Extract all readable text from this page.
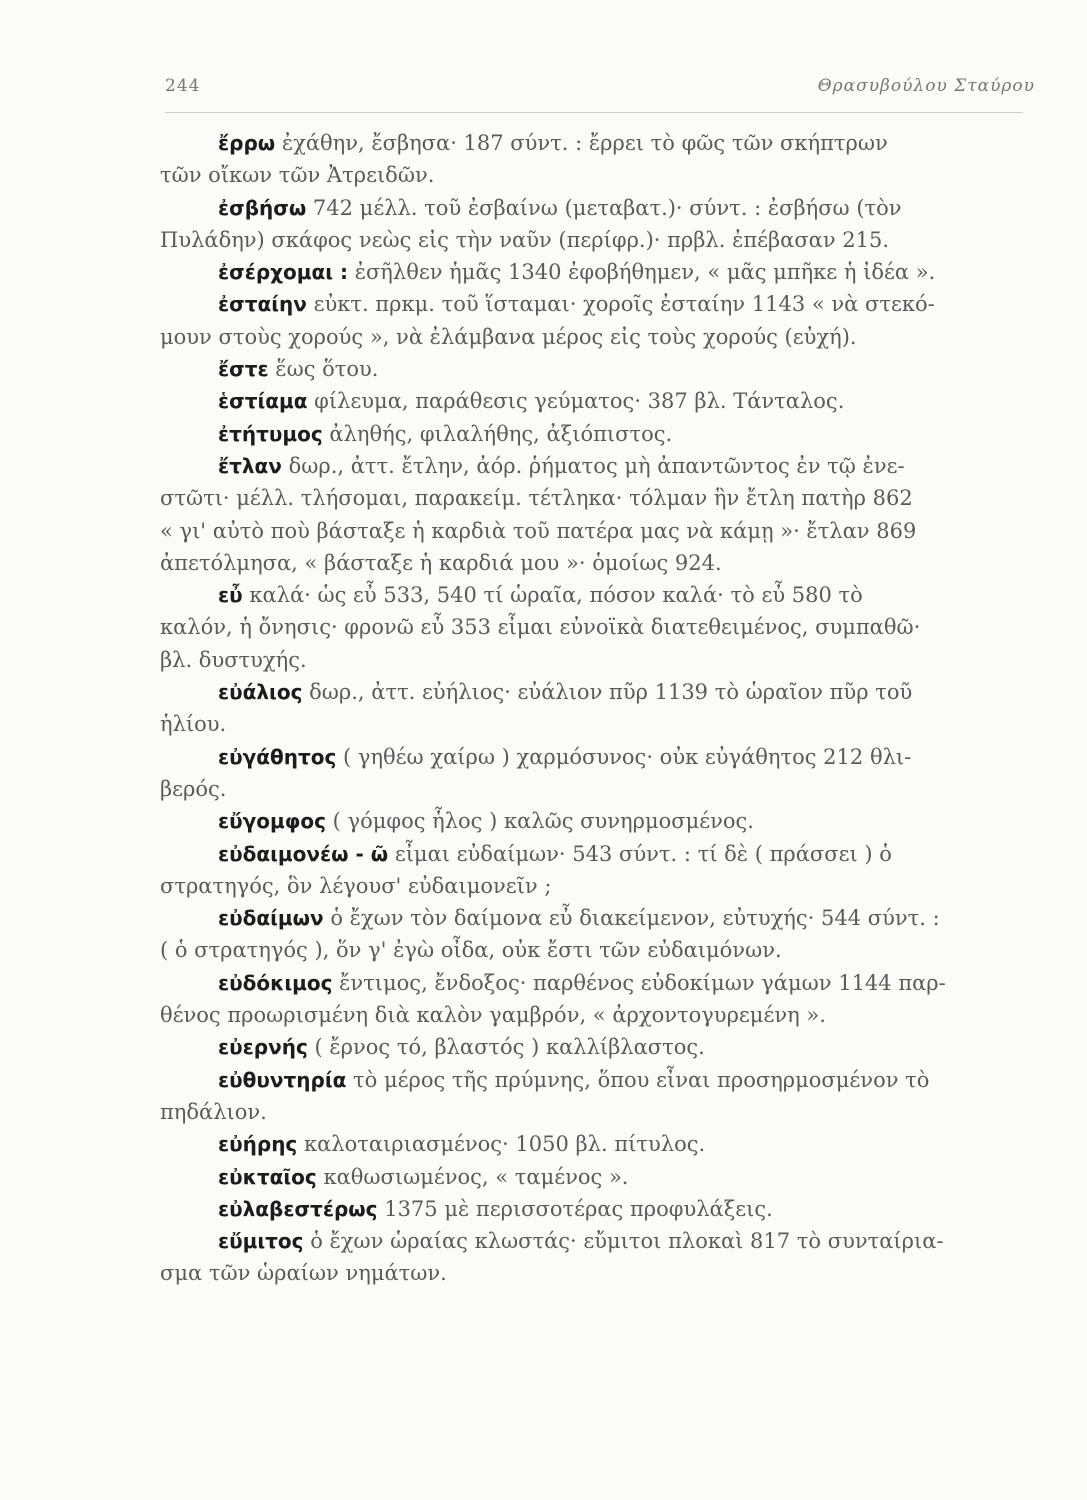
244	Θρασυβούλου Σταύρου
ἔρρω ἐχάθην, ἔσβησα· 187 σύντ. : ἔρρει τὸ φῶς τῶν σκήπτρων
τῶν οἴκων τῶν Ἀτρειδῶν.
ἐσβήσω 742 μέλλ. τοῦ ἐσβαίνω (μεταβατ.)· σύντ. : ἐσβήσω (τὸν
Πυλάδην) σκάφος νεὼς εἰς τὴν ναῦν (περίφρ.)· πρβλ. ἐπέβασαν 215.
ἐσέρχομαι : ἐσῆλθεν ἡμᾶς 1340 ἐφοβήθημεν, « μᾶς μπῆκε ἡ ἰδέα ».
ἐσταίην εὐκτ. πρκμ. τοῦ ἵσταμαι· χοροῖς ἐσταίην 1143 « νὰ στεκό-
μουν στοὺς χορούς », νὰ ἐλάμβανα μέρος εἰς τοὺς χορούς (εὐχή).
ἔστε ἕως ὅτου.
ἑστίαμα φίλευμα, παράθεσις γεύματος· 387 βλ. Τάνταλος.
ἐτήτυμος ἀληθής, φιλαλήθης, ἀξιόπιστος.
ἔτλαν δωρ., ἀττ. ἔτλην, ἀόρ. ῥήματος μὴ ἀπαντῶντος ἐν τῷ ἐνε-
στῶτι· μέλλ. τλήσομαι, παρακείμ. τέτληκα· τόλμαν ἣν ἔτλη πατὴρ 862
« γι' αὐτὸ ποὺ βάσταξε ἡ καρδιὰ τοῦ πατέρα μας νὰ κάμῃ »· ἔτλαν 869
ἀπετόλμησα, « βάσταξε ἡ καρδιά μου »· ὁμοίως 924.
εὖ καλά· ὡς εὖ 533, 540 τί ὡραῖα, πόσον καλά· τὸ εὖ 580 τὸ
καλόν, ἡ ὄνησις· φρονῶ εὖ 353 εἶμαι εὐνοϊκὰ διατεθειμένος, συμπαθῶ·
βλ. δυστυχής.
εὐάλιος δωρ., ἀττ. εὐήλιος· εὐάλιον πῦρ 1139 τὸ ὡραῖον πῦρ τοῦ
ἡλίου.
εὐγάθητος ( γηθέω χαίρω ) χαρμόσυνος· οὐκ εὐγάθητος 212 θλι-
βερός.
εὔγομφος ( γόμφος ἧλος ) καλῶς συνηρμοσμένος.
εὐδαιμονέω - ῶ εἶμαι εὐδαίμων· 543 σύντ. : τί δὲ ( πράσσει ) ὁ
στρατηγός, ὃν λέγουσ' εὐδαιμονεῖν ;
εὐδαίμων ὁ ἔχων τὸν δαίμονα εὖ διακείμενον, εὐτυχής· 544 σύντ. :
( ὁ στρατηγός ), ὅν γ' ἐγὼ οἶδα, οὐκ ἔστι τῶν εὐδαιμόνων.
εὐδόκιμος ἔντιμος, ἔνδοξος· παρθένος εὐδοκίμων γάμων 1144 παρ-
θένος προωρισμένη διὰ καλὸν γαμβρόν, « ἀρχοντογυρεμένη ».
εὐερνής ( ἔρνος τό, βλαστός ) καλλίβλαστος.
εὐθυντηρία τὸ μέρος τῆς πρύμνης, ὅπου εἶναι προσηρμοσμένον τὸ
πηδάλιον.
εὐήρης καλοταιριασμένος· 1050 βλ. πίτυλος.
εὐκταῖος καθωσιωμένος, « ταμένος ».
εὐλαβεστέρως 1375 μὲ περισσοτέρας προφυλάξεις.
εὔμιτος ὁ ἔχων ὡραίας κλωστάς· εὔμιτοι πλοκαὶ 817 τὸ συνταίρια-
σμα τῶν ὡραίων νημάτων.
